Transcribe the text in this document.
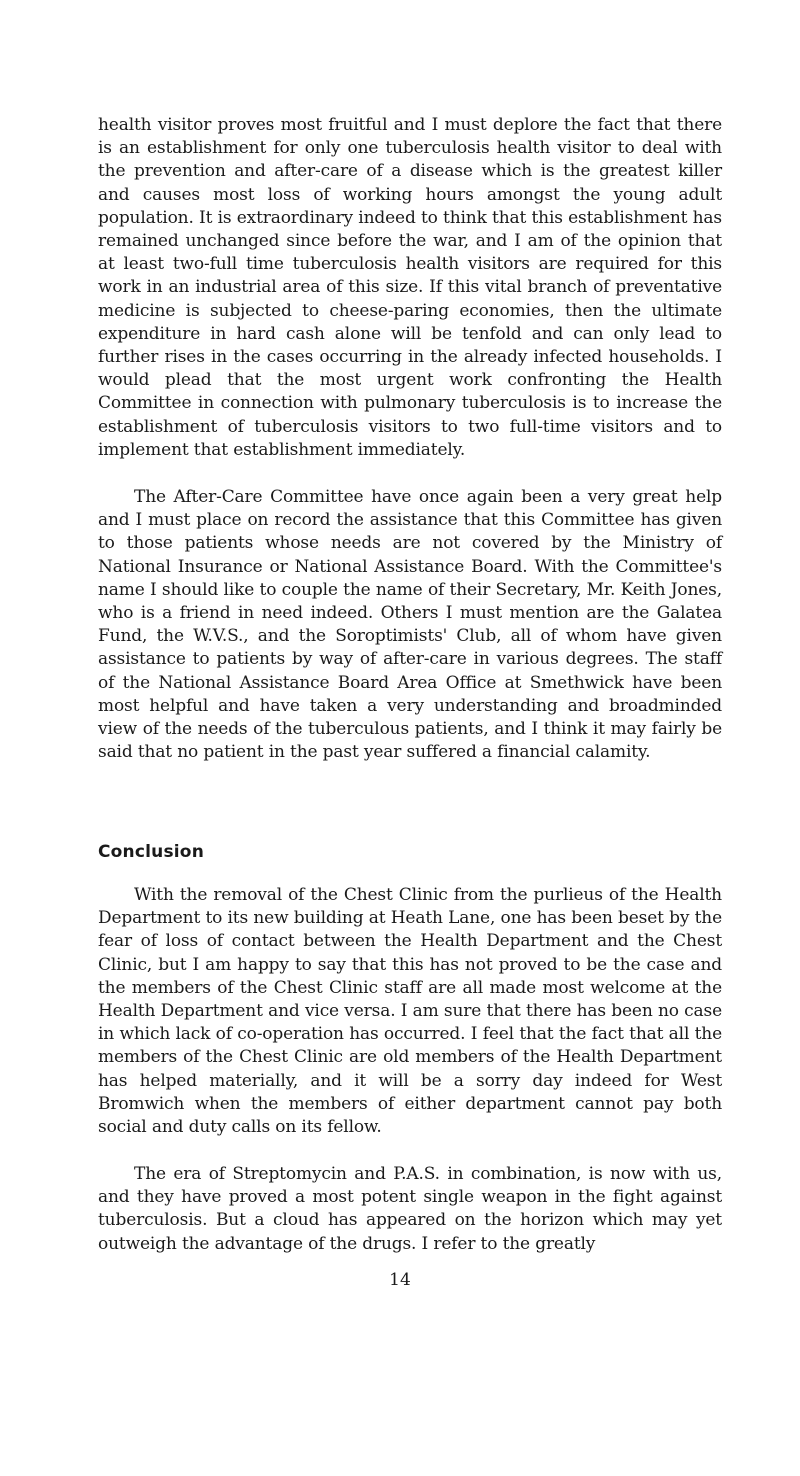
health visitor proves most fruitful and I must deplore the fact that there is an establishment for only one tuberculosis health visitor to deal with the prevention and after-care of a disease which is the greatest killer and causes most loss of working hours amongst the young adult population. It is extraordinary indeed to think that this establishment has remained unchanged since before the war, and I am of the opinion that at least two-full time tuberculosis health visitors are required for this work in an industrial area of this size. If this vital branch of preventative medicine is subjected to cheese-paring economies, then the ultimate expenditure in hard cash alone will be tenfold and can only lead to further rises in the cases occurring in the already infected households. I would plead that the most urgent work confronting the Health Committee in connection with pulmonary tuberculosis is to increase the establishment of tuberculosis visitors to two full-time visitors and to implement that establishment immediately.

The After-Care Committee have once again been a very great help and I must place on record the assistance that this Committee has given to those patients whose needs are not covered by the Ministry of National Insurance or National Assistance Board. With the Committee's name I should like to couple the name of their Secretary, Mr. Keith Jones, who is a friend in need indeed. Others I must mention are the Galatea Fund, the W.V.S., and the Soroptimists' Club, all of whom have given assistance to patients by way of after-care in various degrees. The staff of the National Assistance Board Area Office at Smethwick have been most helpful and have taken a very understanding and broadminded view of the needs of the tuberculous patients, and I think it may fairly be said that no patient in the past year suffered a financial calamity.

Conclusion

With the removal of the Chest Clinic from the purlieus of the Health Department to its new building at Heath Lane, one has been beset by the fear of loss of contact between the Health Department and the Chest Clinic, but I am happy to say that this has not proved to be the case and the members of the Chest Clinic staff are all made most welcome at the Health Department and vice versa. I am sure that there has been no case in which lack of co-operation has occurred. I feel that the fact that all the members of the Chest Clinic are old members of the Health Department has helped materially, and it will be a sorry day indeed for West Bromwich when the members of either department cannot pay both social and duty calls on its fellow.

The era of Streptomycin and P.A.S. in combination, is now with us, and they have proved a most potent single weapon in the fight against tuberculosis. But a cloud has appeared on the horizon which may yet outweigh the advantage of the drugs. I refer to the greatly

14
